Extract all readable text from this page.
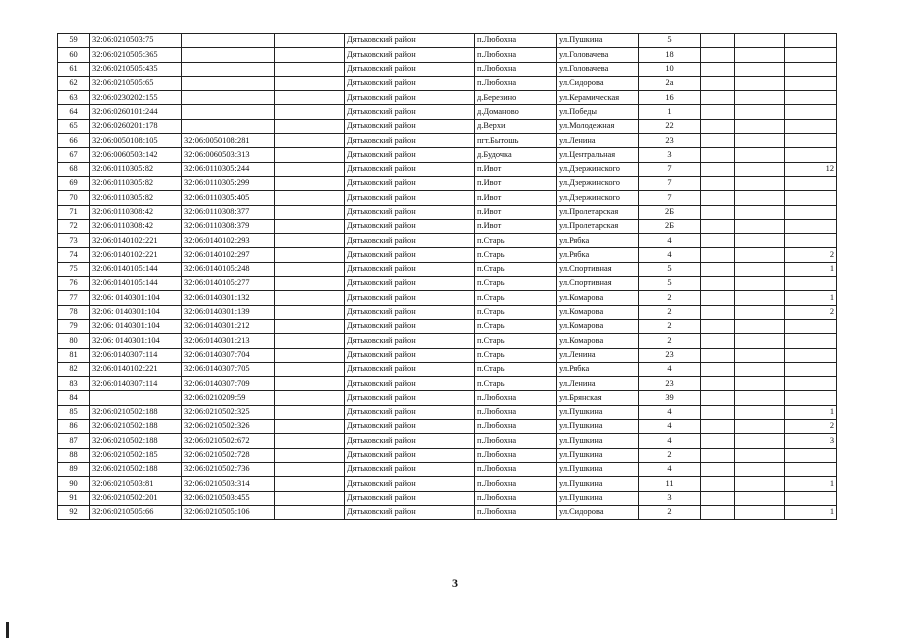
59	32:06:0210503:75			Дятьковский район	п.Любохна	ул.Пушкина	5			
60	32:06:0210505:365			Дятьковский район	п.Любохна	ул.Головачева	18			
61	32:06:0210505:435			Дятьковский район	п.Любохна	ул.Головачева	10			
62	32:06:0210505:65			Дятьковский район	п.Любохна	ул.Сидорова	2а			
63	32:06:0230202:155			Дятьковский район	д.Березино	ул.Керамическая	16			
64	32:06:0260101:244			Дятьковский район	д.Доманово	ул.Победы	1			
65	32:06:0260201:178			Дятьковский район	д.Верхи	ул.Молодежная	22			
66	32:06:0050108:105	32:06:0050108:281		Дятьковский район	пгт.Бытошь	ул.Ленина	23			
67	32:06:0060503:142	32:06:0060503:313		Дятьковский район	д.Будочка	ул.Центральная	3			
68	32:06:0110305:82	32:06:0110305:244		Дятьковский район	п.Ивот	ул.Дзержинского	7			12
69	32:06:0110305:82	32:06:0110305:299		Дятьковский район	п.Ивот	ул.Дзержинского	7			
70	32:06:0110305:82	32:06:0110305:405		Дятьковский район	п.Ивот	ул.Дзержинского	7			
71	32:06:0110308:42	32:06:0110308:377		Дятьковский район	п.Ивот	ул.Пролетарская	2Б			
72	32:06:0110308:42	32:06:0110308:379		Дятьковский район	п.Ивот	ул.Пролетарская	2Б			
73	32:06:0140102:221	32:06:0140102:293		Дятьковский район	п.Старь	ул.Рябка	4			
74	32:06:0140102:221	32:06:0140102:297		Дятьковский район	п.Старь	ул.Рябка	4			2
75	32:06:0140105:144	32:06:0140105:248		Дятьковский район	п.Старь	ул.Спортивная	5			1
76	32:06:0140105:144	32:06:0140105:277		Дятьковский район	п.Старь	ул.Спортивная	5			
77	32:06: 0140301:104	32:06:0140301:132		Дятьковский район	п.Старь	ул.Комарова	2			1
78	32:06: 0140301:104	32:06:0140301:139		Дятьковский район	п.Старь	ул.Комарова	2			2
79	32:06: 0140301:104	32:06:0140301:212		Дятьковский район	п.Старь	ул.Комарова	2			
80	32:06: 0140301:104	32:06:0140301:213		Дятьковский район	п.Старь	ул.Комарова	2			
81	32:06:0140307:114	32:06:0140307:704		Дятьковский район	п.Старь	ул.Ленина	23			
82	32:06:0140102:221	32:06:0140307:705		Дятьковский район	п.Старь	ул.Рябка	4			
83	32:06:0140307:114	32:06:0140307:709		Дятьковский район	п.Старь	ул.Ленина	23			
84		32:06:0210209:59		Дятьковский район	п.Любохна	ул.Брянская	39			
85	32:06:0210502:188	32:06:0210502:325		Дятьковский район	п.Любохна	ул.Пушкина	4			1
86	32:06:0210502:188	32:06:0210502:326		Дятьковский район	п.Любохна	ул.Пушкина	4			2
87	32:06:0210502:188	32:06:0210502:672		Дятьковский район	п.Любохна	ул.Пушкина	4			3
88	32:06:0210502:185	32:06:0210502:728		Дятьковский район	п.Любохна	ул.Пушкина	2			
89	32:06:0210502:188	32:06:0210502:736		Дятьковский район	п.Любохна	ул.Пушкина	4			
90	32:06:0210503:81	32:06:0210503:314		Дятьковский район	п.Любохна	ул.Пушкина	11			1
91	32:06:0210502:201	32:06:0210503:455		Дятьковский район	п.Любохна	ул.Пушкина	3			
92	32:06:0210505:66	32:06:0210505:106		Дятьковский район	п.Любохна	ул.Сидорова	2			1
3
